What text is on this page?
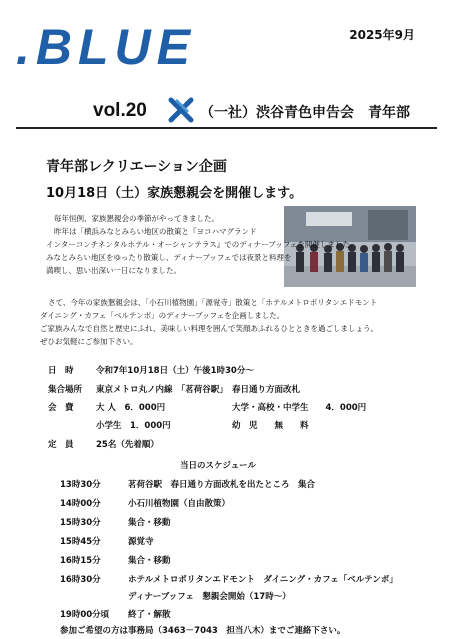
.BLUE	2025年9月
vol.20	（一社）渋谷青色申告会　青年部
青年部レクリエーション企画
10月18日（土）家族懇親会を開催します。
毎年恒例、家族懇親会の季節がやってきました。
昨年は「横浜みなとみらい地区の散策と『ヨコハマグランド
インターコンチネンタルホテル・オーシャンテラス』でのディナーブッフェを開催しました。
みなとみらい地区をゆったり散策し、ディナーブッフェでは夜景と料理を
満喫し、思い出深い一日になりました。
さて、今年の家族懇親会は、「小石川植物園」「源覚寺」散策と「ホテルメトロポリタンエドモント
ダイニング・カフェ「ベルテンポ」のディナーブッフェを企画しました。
ご家族みんなで自然と歴史にふれ、美味しい料理を囲んで笑顔あふれるひとときを過ごしましょう。
ぜひお気軽にご参加下さい。
日　時	令和7年10月18日（土）午後1時30分～
集合場所 東京メトロ丸ノ内線　「茗荷谷駅」　春日通り方面改札
会　費	大 人　6．000円	大学・高校・中学生　　4．000円
小学生　1．000円	幼　児　　無　　料
定　員	25名（先着順）
当日のスケジュール
13時30分	茗荷谷駅　春日通り方面改札を出たところ　集合
14時00分	小石川植物園（自由散策）
15時30分	集合・移動
15時45分	源覚寺
16時15分	集合・移動
16時30分	ホテルメトロポリタンエドモント　ダイニング・カフェ「ベルテンポ」
ディナーブッフェ　懇親会開始（17時～）
19時00分頃 終了・解散
参加ご希望の方は事務局（3463－7043　担当八木）までご連絡下さい。
